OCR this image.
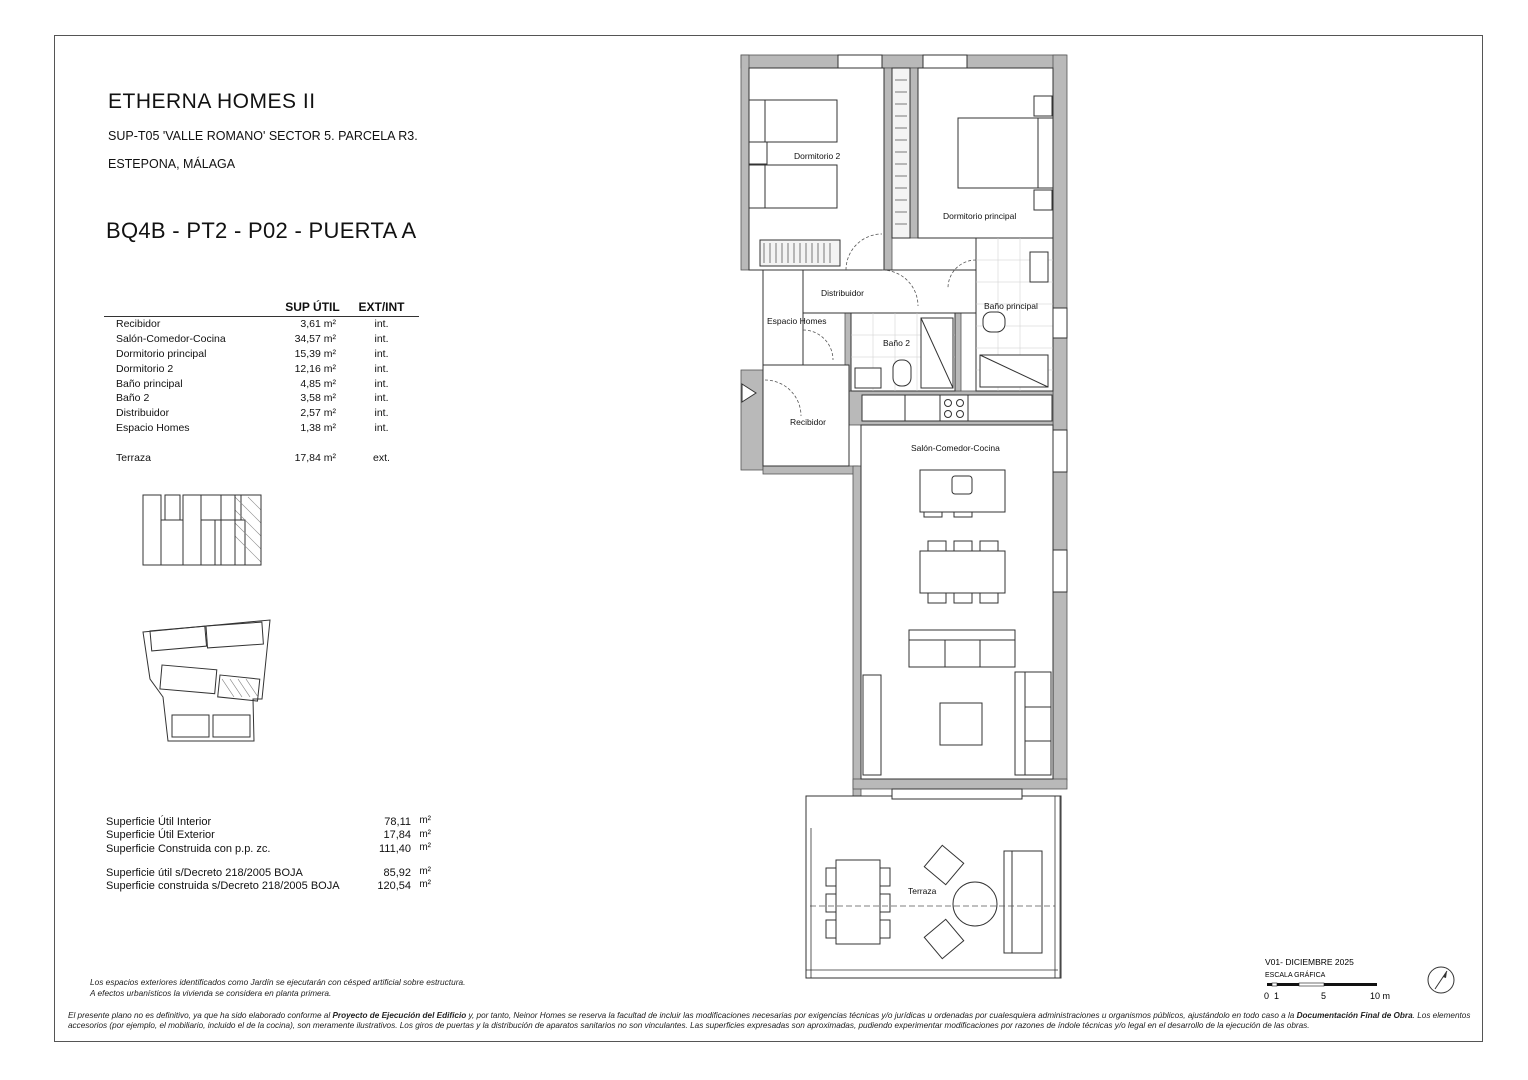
ETHERNA HOMES II
SUP-T05 'VALLE ROMANO' SECTOR 5. PARCELA R3.
ESTEPONA, MÁLAGA
BQ4B - PT2 - P02 - PUERTA A
	SUP ÚTIL	EXT/INT
Recibidor	3,61 m²	int.
Salón-Comedor-Cocina	34,57 m²	int.
Dormitorio principal	15,39 m²	int.
Dormitorio 2	12,16 m²	int.
Baño principal	4,85 m²	int.
Baño 2	3,58 m²	int.
Distribuidor	2,57 m²	int.
Espacio Homes	1,38 m²	int.

Terraza	17,84 m²	ext.
Superficie Útil Interior	78,11	m²
Superficie Útil Exterior	17,84	m²
Superficie Construida con p.p. zc.	111,40	m²

Superficie útil s/Decreto 218/2005 BOJA	85,92	m²
Superficie construida s/Decreto 218/2005 BOJA	120,54	m²
Los espacios exteriores identificados como Jardín se ejecutarán con césped artificial sobre estructura.
A efectos urbanísticos la vivienda se considera en planta primera.
El presente plano no es definitivo, ya que ha sido elaborado conforme al Proyecto de Ejecución del Edificio y, por tanto, Neinor Homes se reserva la facultad de incluir las modificaciones necesarias por exigencias técnicas y/o jurídicas u ordenadas por cualesquiera administraciones u organismos públicos, ajustándolo en todo caso a la Documentación Final de Obra. Los elementos accesorios (por ejemplo, el mobiliario, incluido el de la cocina), son meramente ilustrativos. Los giros de puertas y la distribución de aparatos sanitarios no son vinculantes. Las superficies expresadas son aproximadas, pudiendo experimentar modificaciones por razones de índole técnicas y/o legal en el desarrollo de la ejecución de las obras.
Dormitorio 2
Dormitorio principal
Distribuidor
Baño principal
Espacio Homes
Baño 2
Recibidor
Salón-Comedor-Cocina
Terraza
V01- DICIEMBRE 2025
ESCALA GRÁFICA
0 1	5	10 m
